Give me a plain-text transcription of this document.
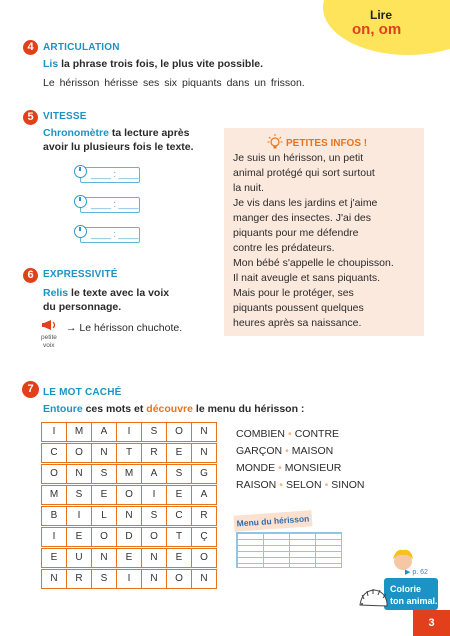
Lire
on, om
4 ARTICULATION
Lis la phrase trois fois, le plus vite possible.
Le hérisson hérisse ses six piquants dans un frisson.
5 VITESSE
Chronomètre ta lecture après
avoir lu plusieurs fois le texte.
____ : ____
____ : ____
____ : ____
6 EXPRESSIVITÉ
Relis le texte avec la voix
du personnage.
petite
voix
→ Le hérisson chuchote.
PETITES INFOS !
Je suis un hérisson, un petit
animal protégé qui sort surtout
la nuit.
Je vis dans les jardins et j'aime
manger des insectes. J'ai des
piquants pour me défendre
contre les prédateurs.
Mon bébé s'appelle le choupisson.
Il nait aveugle et sans piquants.
Mais pour le protéger, ses
piquants poussent quelques
heures après sa naissance.
7 LE MOT CACHÉ
Entoure ces mots et découvre le menu du hérisson :
I	M	A	I	S	O	N
C	O	N	T	R	E	N
O	N	S	M	A	S	G
M	S	E	O	I	E	A
B	I	L	N	S	C	R
I	E	O	D	O	T	Ç
E	U	N	E	N	E	O
N	R	S	I	N	O	N
COMBIEN • CONTRE
GARÇON • MAISON
MONDE • MONSIEUR
RAISON • SELON • SINON
Menu du hérisson
▶ p. 62
Colorie
ton animal.
3
